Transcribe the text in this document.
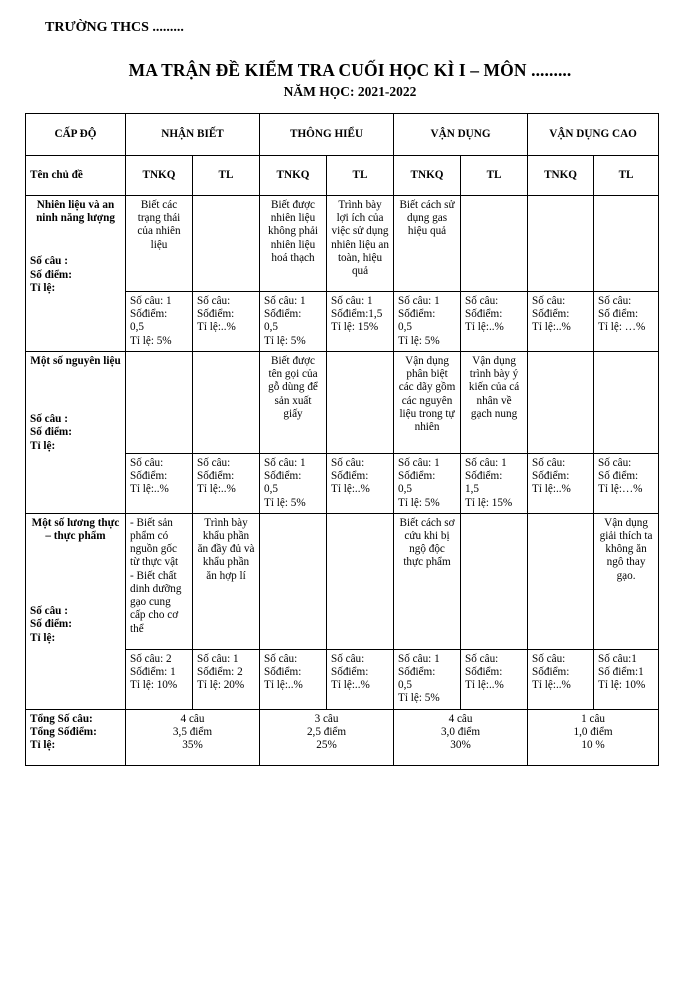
TRƯỜNG THCS .........
MA TRẬN ĐỀ KIỂM TRA CUỐI HỌC KÌ I – MÔN .........
NĂM HỌC: 2021-2022
CẤP ĐỘ	NHẬN BIẾT		THÔNG HIỂU		VẬN DỤNG		VẬN DỤNG CAO	
Tên chủ đề	TNKQ	TL	TNKQ	TL	TNKQ	TL	TNKQ	TL

Nhiên liệu và an ninh năng lượng
Số câu :
Số điểm:
Tỉ lệ:	Biết các trạng thái của nhiên liệu		Biết được nhiên liệu không phải nhiên liệu hoá thạch	Trình bày lợi ích của việc sử dụng nhiên liệu an toàn, hiệu quả	Biết cách sử dụng gas hiệu quả			
	Số câu: 1
Sốđiểm:
0,5
Tỉ lệ: 5%	Số câu:
Sốđiểm:
Tỉ lệ:..%	Số câu: 1
Sốđiểm:
0,5
Tỉ lệ: 5%	Số câu: 1
Sốđiểm:1,5
Tỉ lệ: 15%	Số câu: 1
Sốđiểm:
0,5
Tỉ lệ: 5%	Số câu:
Sốđiểm:
Tỉ lệ:..%	Số câu:
Sốđiểm:
Tỉ lệ:..%	Số câu:
Số điểm:
Tỉ lệ: …%

Một số nguyên liệu
Số câu :
Số điểm:
Tỉ lệ:			Biết được tên gọi của gỗ dùng để sản xuất giấy		Vận dụng phân biệt các dãy gồm các nguyên liệu trong tự nhiên	Vận dụng trình bày ý kiến của cá nhân về gạch nung		
	Số câu:
Sốđiểm:
Tỉ lệ:..%	Số câu:
Sốđiểm:
Tỉ lệ:..%	Số câu: 1
Sốđiểm:
0,5
Tỉ lệ: 5%	Số câu:
Sốđiểm:
Tỉ lệ:..%	Số câu: 1
Sốđiểm:
0,5
Tỉ lệ: 5%	Số câu: 1
Sốđiểm:
1,5
Tỉ lệ: 15%	Số câu:
Sốđiểm:
Tỉ lệ:..%	Số câu:
Số điểm:
Tỉ lệ:…%

Một số lương thực – thực phẩm
Số câu :
Số điểm:
Tỉ lệ:	- Biết sản phẩm có nguồn gốc từ thực vật
- Biết chất dinh dưỡng gạo cung cấp cho cơ thể	Trình bày khẩu phần ăn đầy đủ và khẩu phần ăn hợp lí			Biết cách sơ cứu khi bị ngộ độc thực phẩm			Vận dụng giải thích ta không ăn ngô thay gạo.
	Số câu: 2
Sốđiểm: 1
Tỉ lệ: 10%	Số câu: 1
Sốđiểm: 2
Tỉ lệ: 20%	Số câu:
Sốđiểm:
Tỉ lệ:..%	Số câu:
Sốđiểm:
Tỉ lệ:..%	Số câu: 1
Sốđiểm:
0,5
Tỉ lệ: 5%	Số câu:
Sốđiểm:
Tỉ lệ:..%	Số câu:
Sốđiểm:
Tỉ lệ:..%	Số câu:1
Số điểm:1
Tỉ lệ: 10%
Tổng Số câu:
Tổng Sốđiểm:
Tỉ lệ:	4 câu
3,5 điểm
35%		3 câu
2,5 điểm
25%		4 câu
3,0 điểm
30%		1 câu
1,0 điểm
10 %	
